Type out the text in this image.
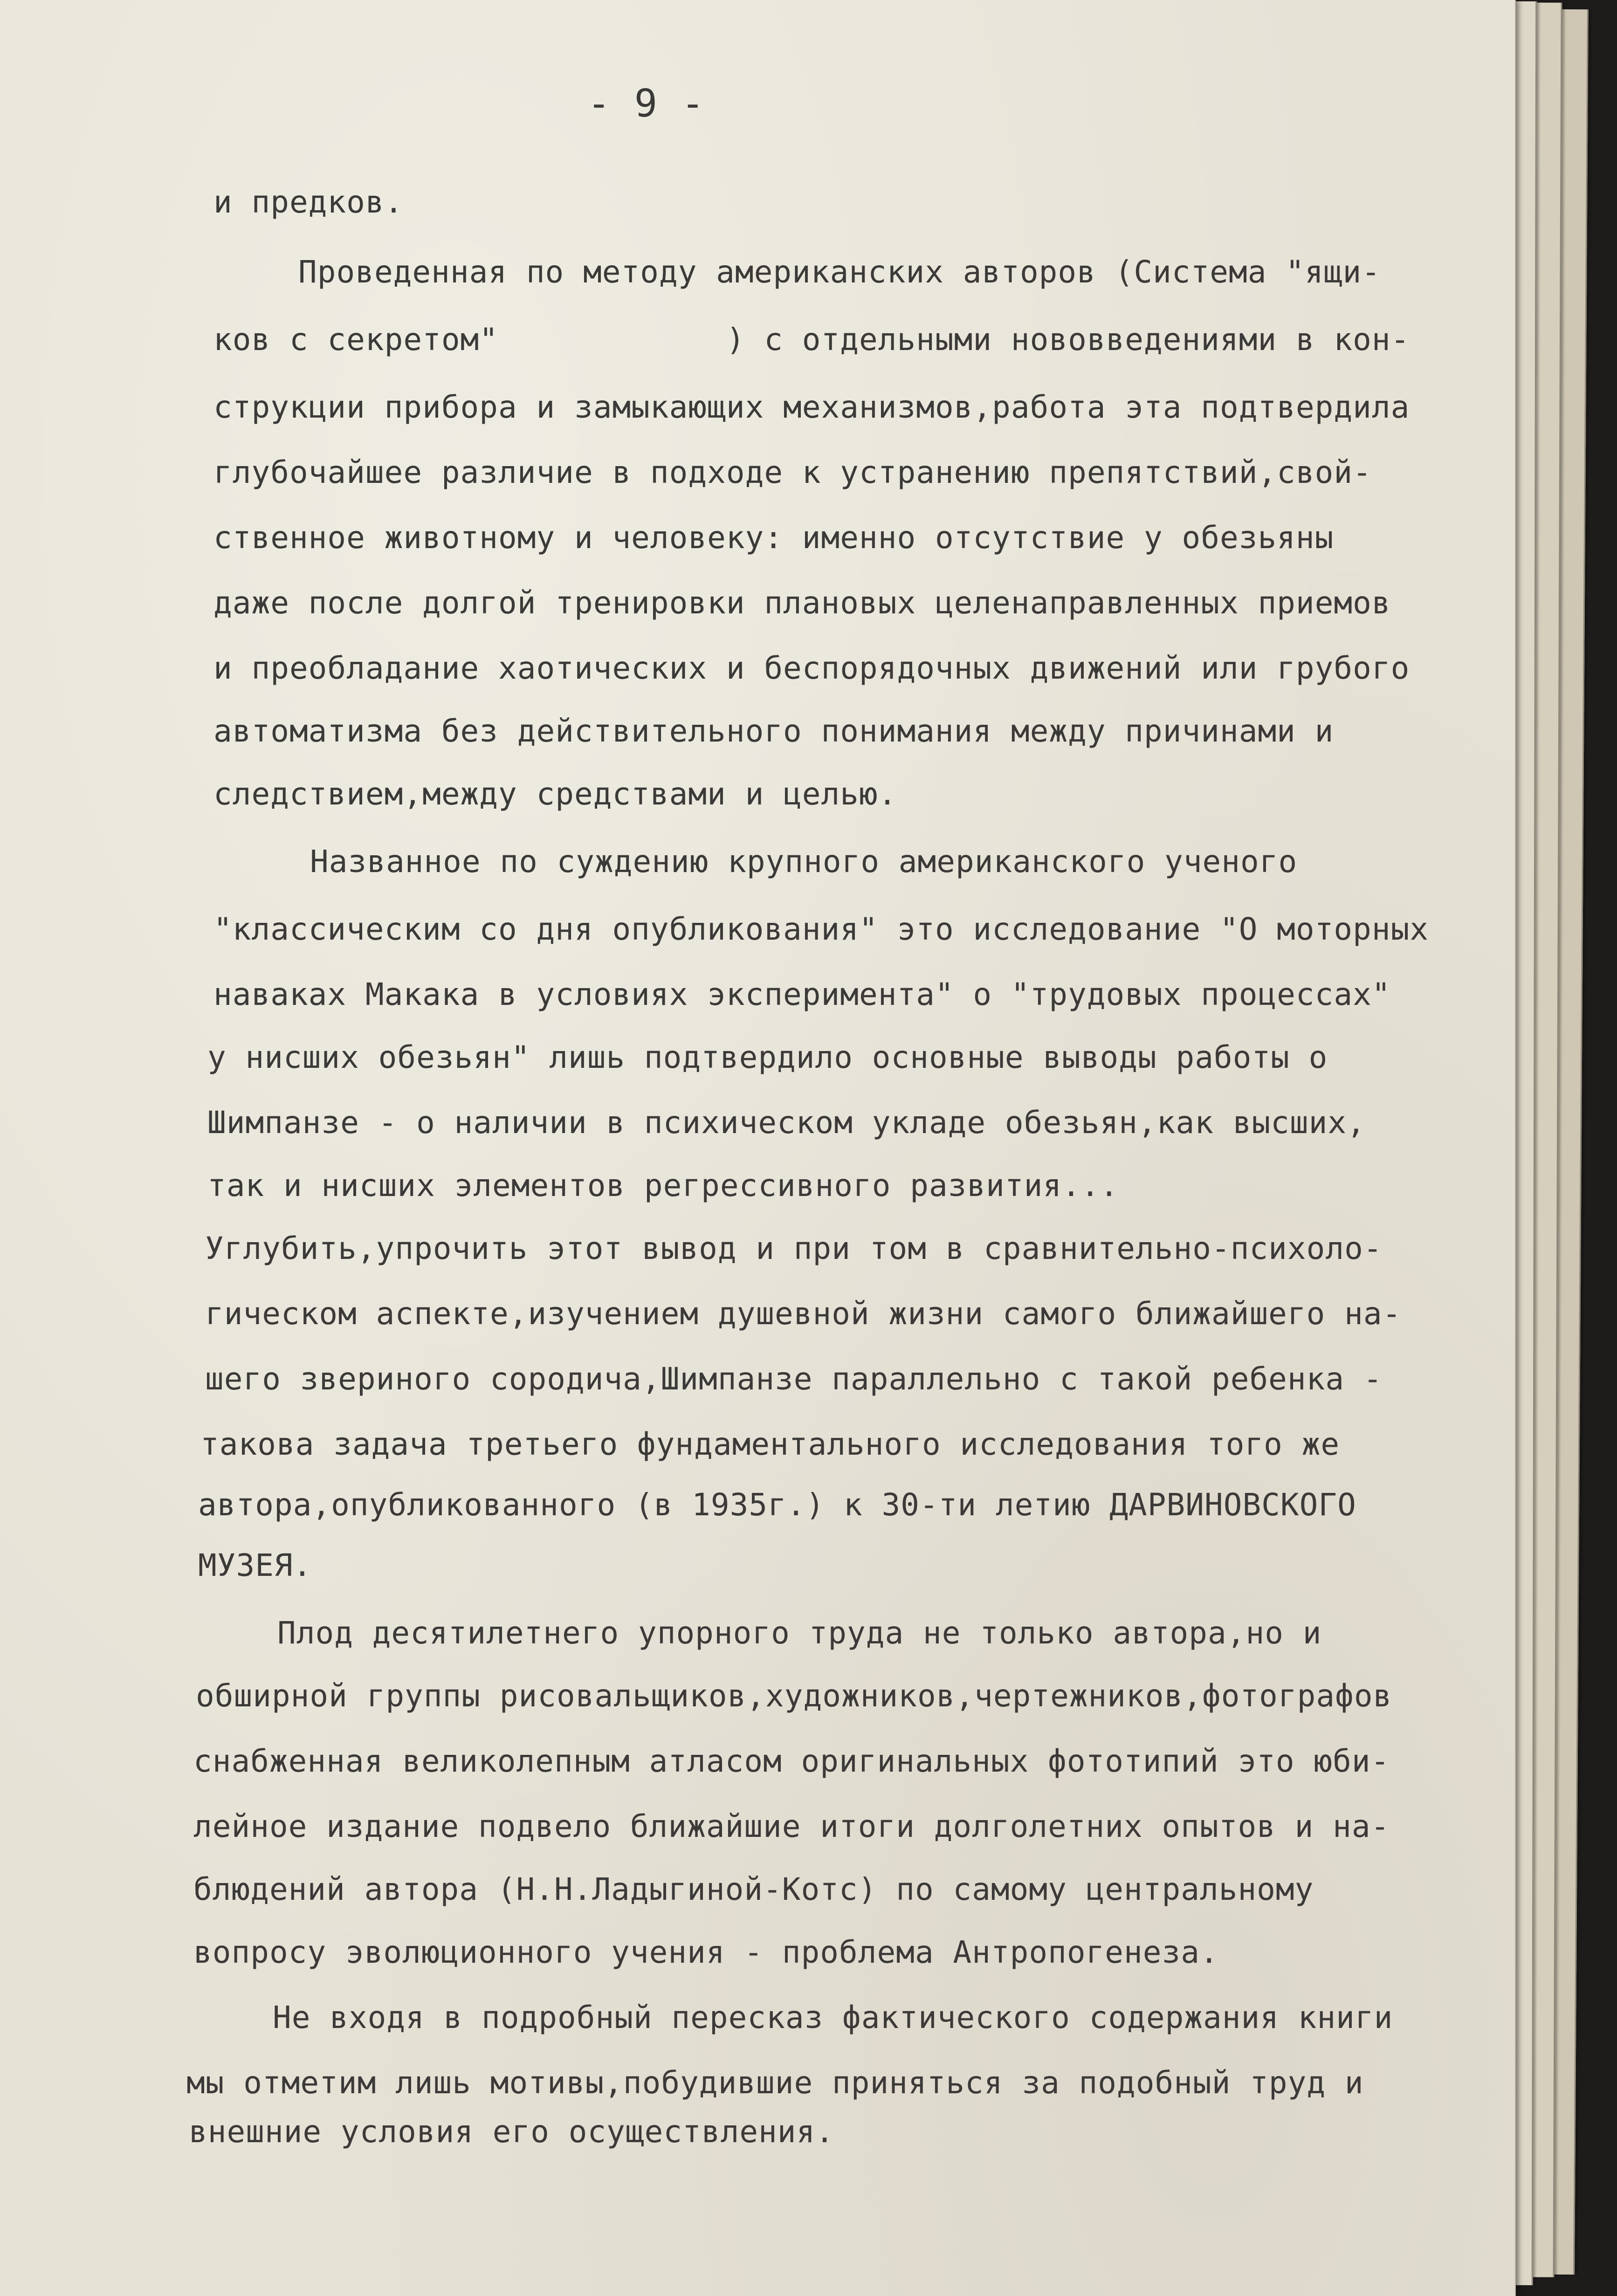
- 9 -
и предков.
Проведенная по методу американских авторов (Система "ящи-
ков с секретом"            ) с отдельными нововведениями в кон-
струкции прибора и замыкающих механизмов,работа эта подтвердила
глубочайшее различие в подходе к устранению препятствий,свой-
ственное животному и человеку: именно отсутствие у обезьяны
даже после долгой тренировки плановых целенаправленных приемов
и преобладание хаотических и беспорядочных движений или грубого
автоматизма без действительного понимания между причинами и
следствием,между средствами и целью.
Названное по суждению крупного американского ученого
"классическим со дня опубликования" это исследование "О моторных
наваках Макака в условиях эксперимента" о "трудовых процессах"
у нисших обезьян" лишь подтвердило основные выводы работы о
Шимпанзе - о наличии в психическом укладе обезьян,как высших,
так и нисших элементов регрессивного развития...
Углубить,упрочить этот вывод и при том в сравнительно-психоло-
гическом аспекте,изучением душевной жизни самого ближайшего на-
шего звериного сородича,Шимпанзе параллельно с такой ребенка -
такова задача третьего фундаментального исследования того же
автора,опубликованного (в 1935г.) к 30-ти летию ДАРВИНОВСКОГО
МУЗЕЯ.
Плод десятилетнего упорного труда не только автора,но и
обширной группы рисовальщиков,художников,чертежников,фотографов
снабженная великолепным атласом оригинальных фототипий это юби-
лейное издание подвело ближайшие итоги долголетних опытов и на-
блюдений автора (Н.Н.Ладыгиной-Котс) по самому центральному
вопросу эволюционного учения - проблема Антропогенеза.
Не входя в подробный пересказ фактического содержания книги
мы отметим лишь мотивы,побудившие приняться за подобный труд и
внешние условия его осуществления.
